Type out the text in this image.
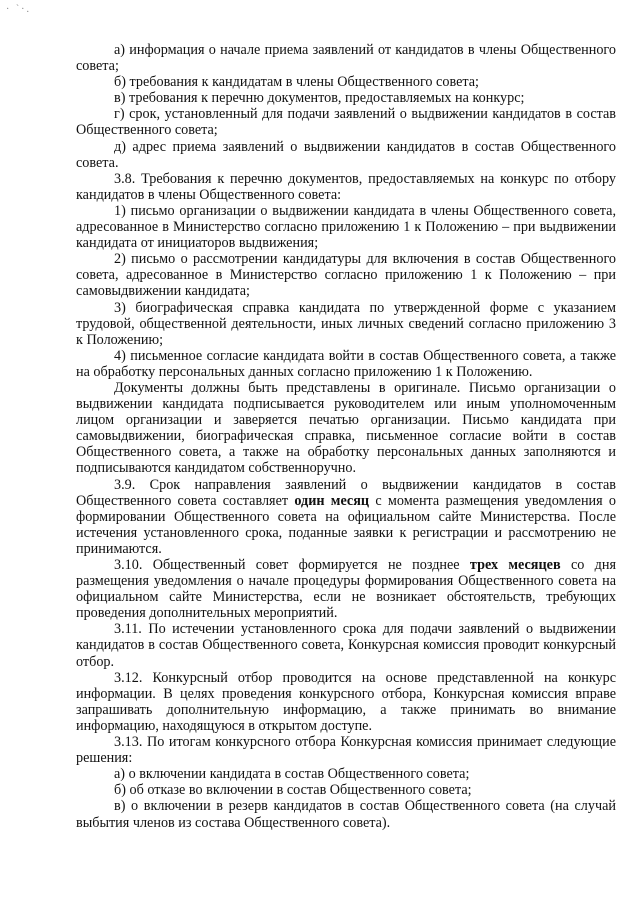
· `·.

а) информация о начале приема заявлений от кандидатов в члены Общественного совета;

б) требования к кандидатам в члены Общественного совета;

в) требования к перечню документов, предоставляемых на конкурс;

г) срок, установленный для подачи заявлений о выдвижении кандидатов в состав Общественного совета;

д) адрес приема заявлений о выдвижении кандидатов в состав Общественного совета.

3.8. Требования к перечню документов, предоставляемых на конкурс по отбору кандидатов в члены Общественного совета:

1) письмо организации о выдвижении кандидата в члены Общественного совета, адресованное в Министерство согласно приложению 1 к Положению – при выдвижении кандидата от инициаторов выдвижения;

2) письмо о рассмотрении кандидатуры для включения в состав Общественного совета, адресованное в Министерство согласно приложению 1 к Положению – при самовыдвижении кандидата;

3) биографическая справка кандидата по утвержденной форме с указанием трудовой, общественной деятельности, иных личных сведений согласно приложению 3 к Положению;

4) письменное согласие кандидата войти в состав Общественного совета, а также на обработку персональных данных согласно приложению 1 к Положению.

Документы должны быть представлены в оригинале. Письмо организации о выдвижении кандидата подписывается руководителем или иным уполномоченным лицом организации и заверяется печатью организации. Письмо кандидата при самовыдвижении, биографическая справка, письменное согласие войти в состав Общественного совета, а также на обработку персональных данных заполняются и подписываются кандидатом собственноручно.

3.9. Срок направления заявлений о выдвижении кандидатов в состав Общественного совета составляет один месяц с момента размещения уведомления о формировании Общественного совета на официальном сайте Министерства. После истечения установленного срока, поданные заявки к регистрации и рассмотрению не принимаются.

3.10. Общественный совет формируется не позднее трех месяцев со дня размещения уведомления о начале процедуры формирования Общественного совета на официальном сайте Министерства, если не возникает обстоятельств, требующих проведения дополнительных мероприятий.

3.11. По истечении установленного срока для подачи заявлений о выдвижении кандидатов в состав Общественного совета, Конкурсная комиссия проводит конкурсный отбор.

3.12. Конкурсный отбор проводится на основе представленной на конкурс информации. В целях проведения конкурсного отбора, Конкурсная комиссия вправе запрашивать дополнительную информацию, а также принимать во внимание информацию, находящуюся в открытом доступе.

3.13. По итогам конкурсного отбора Конкурсная комиссия принимает следующие решения:

а) о включении кандидата в состав Общественного совета;

б) об отказе во включении в состав Общественного совета;

в) о включении в резерв кандидатов в состав Общественного совета (на случай выбытия членов из состава Общественного совета).
